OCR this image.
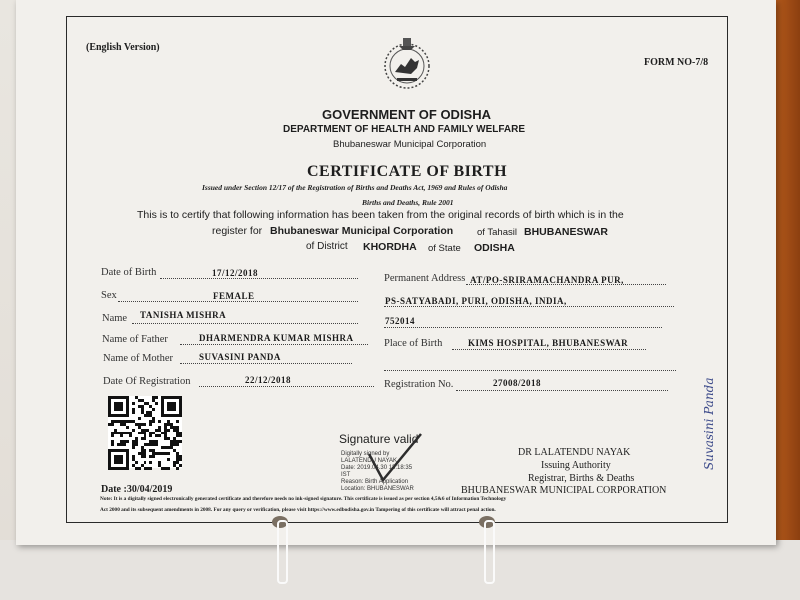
(English Version)
FORM NO-7/8
GOVERNMENT OF ODISHA
DEPARTMENT OF HEALTH AND FAMILY WELFARE
Bhubaneswar Municipal Corporation
CERTIFICATE OF BIRTH
Issued under Section 12/17 of the Registration of Births and Deaths Act, 1969 and Rules of Odisha
Births and Deaths, Rule 2001
This is to certify that following information has been taken from the original records of birth which is in the
register for Bhubaneswar Municipal Corporation	of Tahasil BHUBANESWAR
of District KHORDHA of State ODISHA
Date of Birth	17/12/2018
Sex	FEMALE
Name TANISHA MISHRA
Name of Father	DHARMENDRA KUMAR MISHRA
Name of Mother	SUVASINI PANDA
Date Of Registration	22/12/2018
Permanent Address AT/PO-SRIRAMACHANDRA PUR,
PS-SATYABADI, PURI, ODISHA, INDIA,
752014
Place of Birth	KIMS HOSPITAL, BHUBANESWAR
Registration No.	27008/2018
Date :30/04/2019
Signature valid
Digitally signed by
LALATENDU NAYAK
Date: 2019.04.30 13:18:35
IST
Reason: Birth Application
Location: BHUBANESWAR
DR LALATENDU NAYAK
Issuing Authority
Registrar, Births & Deaths
BHUBANESWAR MUNICIPAL CORPORATION
Note: It is a digitally signed electronically generated certificate and therefore needs no ink-signed signature. This certificate is issued as per section 4,5&6 of Information Technology
Act 2000 and its subsequent amendments in 2008. For any query or verification, please visit https://www.edbodisha.gov.in Tampering of this certificate will attract penal action.
Suvasini Panda
